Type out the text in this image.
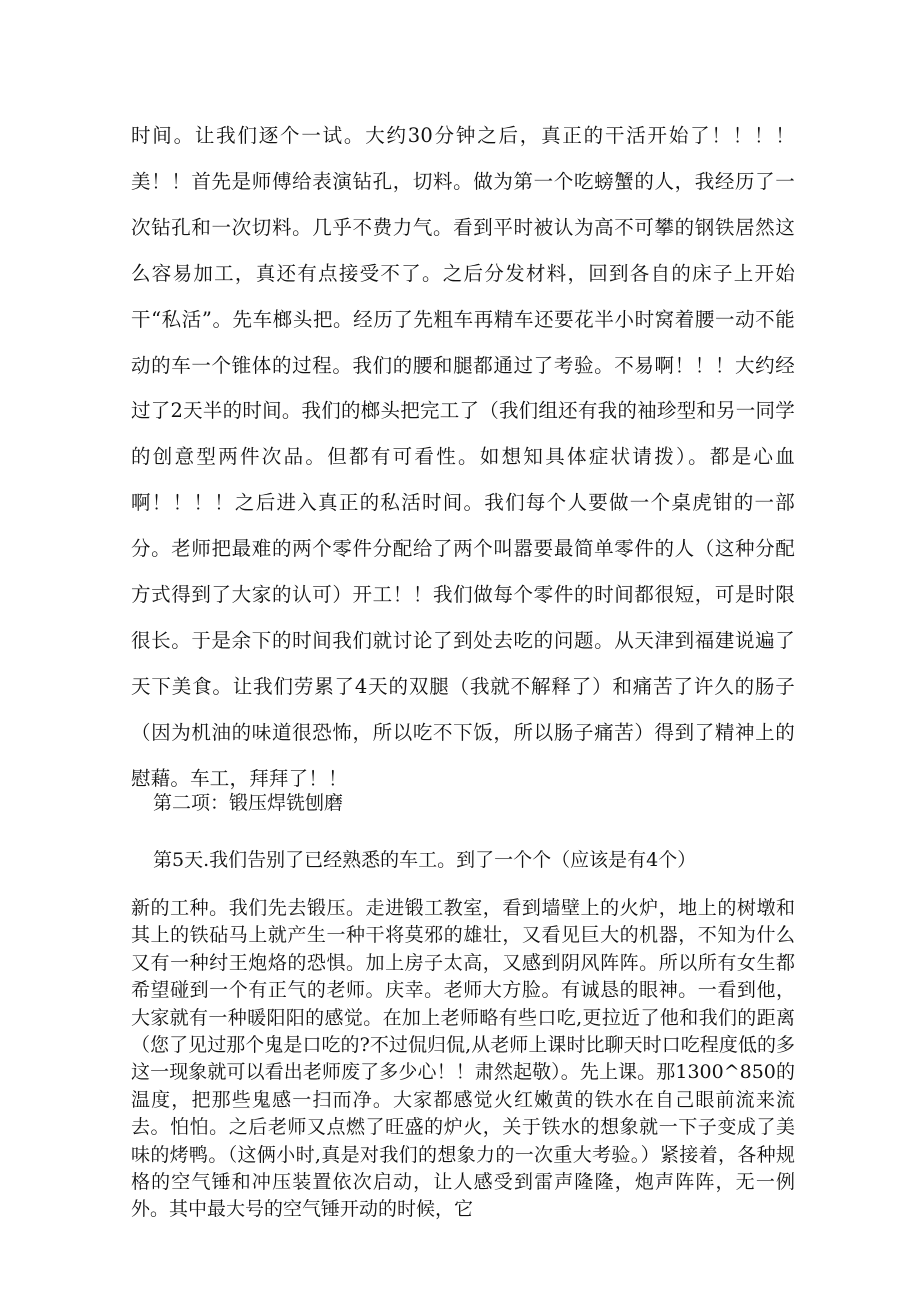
时间。让我们逐个一试。大约30分钟之后，真正的干活开始了！！！！美！！首先是师傅给表演钻孔，切料。做为第一个吃螃蟹的人，我经历了一次钻孔和一次切料。几乎不费力气。看到平时被认为高不可攀的钢铁居然这么容易加工，真还有点接受不了。之后分发材料，回到各自的床子上开始干“私活”。先车榔头把。经历了先粗车再精车还要花半小时窝着腰一动不能动的车一个锥体的过程。我们的腰和腿都通过了考验。不易啊！！！大约经过了2天半的时间。我们的榔头把完工了（我们组还有我的袖珍型和另一同学的创意型两件次品。但都有可看性。如想知具体症状请拨）。都是心血啊！！！！之后进入真正的私活时间。我们每个人要做一个桌虎钳的一部分。老师把最难的两个零件分配给了两个叫嚣要最简单零件的人（这种分配方式得到了大家的认可）开工！！我们做每个零件的时间都很短，可是时限很长。于是余下的时间我们就讨论了到处去吃的问题。从天津到福建说遍了天下美食。让我们劳累了4天的双腿（我就不解释了）和痛苦了许久的肠子（因为机油的味道很恐怖，所以吃不下饭，所以肠子痛苦）得到了精神上的慰藉。车工，拜拜了！！

第二项：锻压焊铣刨磨

第5天.我们告别了已经熟悉的车工。到了一个个（应该是有4个）

新的工种。我们先去锻压。走进锻工教室，看到墙壁上的火炉，地上的树墩和其上的铁砧马上就产生一种干将莫邪的雄壮，又看见巨大的机器，不知为什么又有一种纣王炮烙的恐惧。加上房子太高，又感到阴风阵阵。所以所有女生都希望碰到一个有正气的老师。庆幸。老师大方脸。有诚恳的眼神。一看到他，大家就有一种暖阳阳的感觉。在加上老师略有些口吃,更拉近了他和我们的距离（您了见过那个鬼是口吃的?不过侃归侃,从老师上课时比聊天时口吃程度低的多这一现象就可以看出老师废了多少心！！肃然起敬）。先上课。那1300^850的温度，把那些鬼感一扫而净。大家都感觉火红嫩黄的铁水在自己眼前流来流去。怕怕。之后老师又点燃了旺盛的炉火，关于铁水的想象就一下子变成了美味的烤鸭。（这俩小时,真是对我们的想象力的一次重大考验。）紧接着，各种规格的空气锤和冲压装置依次启动，让人感受到雷声隆隆，炮声阵阵，无一例外。其中最大号的空气锤开动的时候，它
